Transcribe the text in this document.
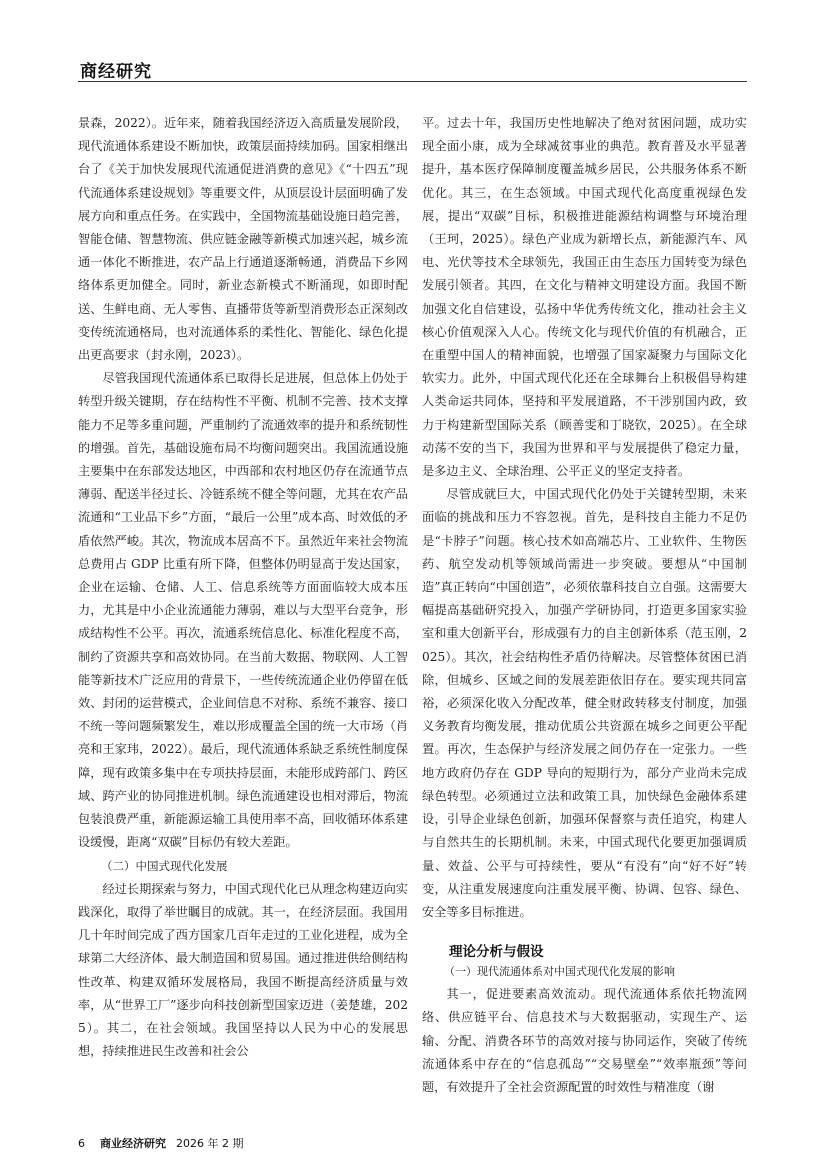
商经研究

景森，2022）。近年来，随着我国经济迈入高质量发展阶段，现代流通体系建设不断加快，政策层面持续加码。国家相继出台了《关于加快发展现代流通促进消费的意见》《“十四五”现代流通体系建设规划》等重要文件，从顶层设计层面明确了发展方向和重点任务。在实践中，全国物流基础设施日趋完善，智能仓储、智慧物流、供应链金融等新模式加速兴起，城乡流通一体化不断推进，农产品上行通道逐渐畅通，消费品下乡网络体系更加健全。同时，新业态新模式不断涌现，如即时配送、生鲜电商、无人零售、直播带货等新型消费形态正深刻改变传统流通格局，也对流通体系的柔性化、智能化、绿色化提出更高要求（封永刚，2023）。

尽管我国现代流通体系已取得长足进展，但总体上仍处于转型升级关键期，存在结构性不平衡、机制不完善、技术支撑能力不足等多重问题，严重制约了流通效率的提升和系统韧性的增强。首先，基础设施布局不均衡问题突出。我国流通设施主要集中在东部发达地区，中西部和农村地区仍存在流通节点薄弱、配送半径过长、冷链系统不健全等问题，尤其在农产品流通和“工业品下乡”方面，“最后一公里”成本高、时效低的矛盾依然严峻。其次，物流成本居高不下。虽然近年来社会物流总费用占 GDP 比重有所下降，但整体仍明显高于发达国家，企业在运输、仓储、人工、信息系统等方面面临较大成本压力，尤其是中小企业流通能力薄弱，难以与大型平台竞争，形成结构性不公平。再次，流通系统信息化、标准化程度不高，制约了资源共享和高效协同。在当前大数据、物联网、人工智能等新技术广泛应用的背景下，一些传统流通企业仍停留在低效、封闭的运营模式，企业间信息不对称、系统不兼容、接口不统一等问题频繁发生，难以形成覆盖全国的统一大市场（肖亮和王家玮，2022）。最后，现代流通体系缺乏系统性制度保障，现有政策多集中在专项扶持层面，未能形成跨部门、跨区域、跨产业的协同推进机制。绿色流通建设也相对滞后，物流包装浪费严重，新能源运输工具使用率不高，回收循环体系建设缓慢，距离“双碳”目标仍有较大差距。

（二）中国式现代化发展

经过长期探索与努力，中国式现代化已从理念构建迈向实践深化，取得了举世瞩目的成就。其一，在经济层面。我国用几十年时间完成了西方国家几百年走过的工业化进程，成为全球第二大经济体、最大制造国和贸易国。通过推进供给侧结构性改革、构建双循环发展格局，我国不断提高经济质量与效率，从“世界工厂”逐步向科技创新型国家迈进（姜楚雄，2025）。其二，在社会领域。我国坚持以人民为中心的发展思想，持续推进民生改善和社会公

平。过去十年，我国历史性地解决了绝对贫困问题，成功实现全面小康，成为全球减贫事业的典范。教育普及水平显著提升，基本医疗保障制度覆盖城乡居民，公共服务体系不断优化。其三，在生态领域。中国式现代化高度重视绿色发展，提出“双碳”目标，积极推进能源结构调整与环境治理（王珂，2025）。绿色产业成为新增长点，新能源汽车、风电、光伏等技术全球领先，我国正由生态压力国转变为绿色发展引领者。其四，在文化与精神文明建设方面。我国不断加强文化自信建设，弘扬中华优秀传统文化，推动社会主义核心价值观深入人心。传统文化与现代价值的有机融合，正在重塑中国人的精神面貌，也增强了国家凝聚力与国际文化软实力。此外，中国式现代化还在全球舞台上积极倡导构建人类命运共同体，坚持和平发展道路，不干涉别国内政，致力于构建新型国际关系（顾善雯和丁晓钦，2025）。在全球动荡不安的当下，我国为世界和平与发展提供了稳定力量，是多边主义、全球治理、公平正义的坚定支持者。

尽管成就巨大，中国式现代化仍处于关键转型期，未来面临的挑战和压力不容忽视。首先，是科技自主能力不足仍是“卡脖子”问题。核心技术如高端芯片、工业软件、生物医药、航空发动机等领域尚需进一步突破。要想从“中国制造”真正转向“中国创造”，必须依靠科技自立自强。这需要大幅提高基础研究投入，加强产学研协同，打造更多国家实验室和重大创新平台，形成强有力的自主创新体系（范玉刚，2025）。其次，社会结构性矛盾仍待解决。尽管整体贫困已消除，但城乡、区域之间的发展差距依旧存在。要实现共同富裕，必须深化收入分配改革，健全财政转移支付制度，加强义务教育均衡发展，推动优质公共资源在城乡之间更公平配置。再次，生态保护与经济发展之间仍存在一定张力。一些地方政府仍存在 GDP 导向的短期行为，部分产业尚未完成绿色转型。必须通过立法和政策工具，加快绿色金融体系建设，引导企业绿色创新，加强环保督察与责任追究，构建人与自然共生的长期机制。未来，中国式现代化要更加强调质量、效益、公平与可持续性，要从“有没有”向“好不好”转变，从注重发展速度向注重发展平衡、协调、包容、绿色、安全等多目标推进。

理论分析与假设

（一）现代流通体系对中国式现代化发展的影响

其一，促进要素高效流动。现代流通体系依托物流网络、供应链平台、信息技术与大数据驱动，实现生产、运输、分配、消费各环节的高效对接与协同运作，突破了传统流通体系中存在的“信息孤岛”“交易壁垒”“效率瓶颈”等问题，有效提升了全社会资源配置的时效性与精准度（谢

6 商业经济研究 2026 年 2 期
